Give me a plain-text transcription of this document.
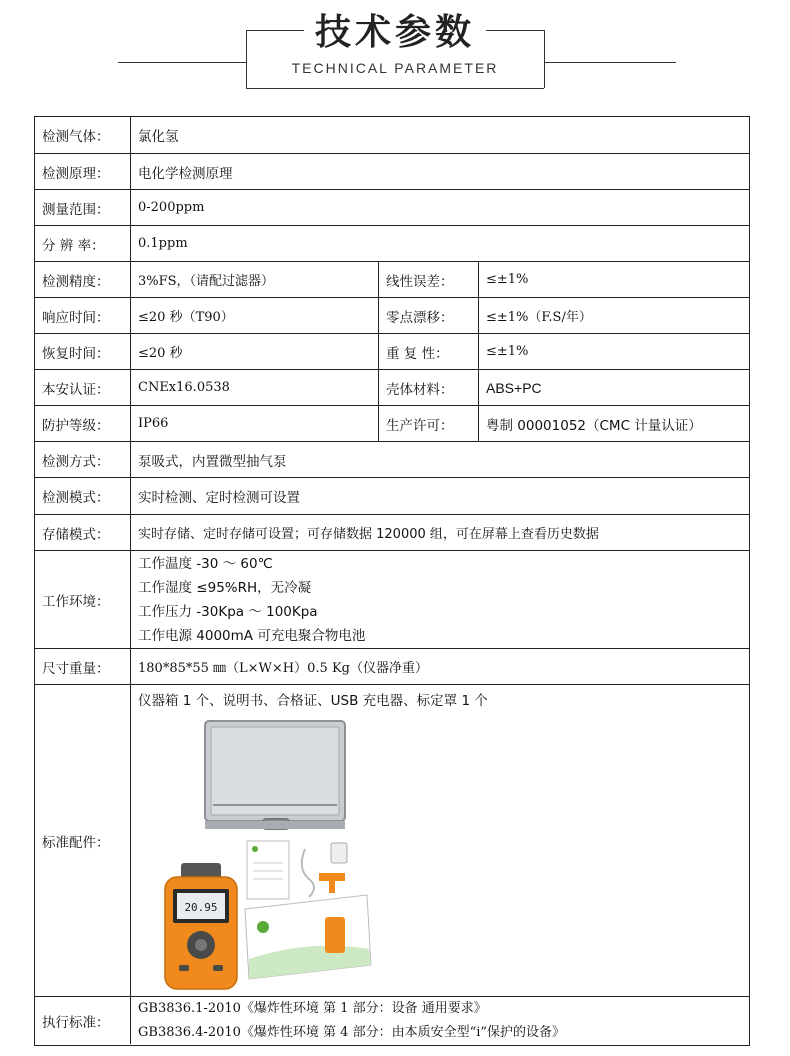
技术参数
TECHNICAL PARAMETER
检测气体：	氯化氢
检测原理：	电化学检测原理
测量范围：	0-200ppm
分 辨 率：	0.1ppm
检测精度：	3%FS，（请配过滤器）	线性误差：	≤±1%
响应时间：	≤20 秒（T90）	零点漂移：	≤±1%（F.S/年）
恢复时间：	≤20 秒	重 复 性：	≤±1%
本安认证：	CNEx16.0538	壳体材料：	ABS+PC
防护等级：	IP66	生产许可：	粤制 00001052（CMC 计量认证）
检测方式：	泵吸式，内置微型抽气泵
检测模式：	实时检测、定时检测可设置
存储模式：	实时存储、定时存储可设置；可存储数据 120000 组，可在屏幕上查看历史数据
工作环境：
工作温度 -30 ～ 60℃
工作湿度 ≤95%RH，无冷凝
工作压力 -30Kpa ～ 100Kpa
工作电源 4000mA 可充电聚合物电池
尺寸重量：	180*85*55 ㎜（L×W×H）0.5 Kg（仪器净重）
标准配件：
仪器箱 1 个、说明书、合格证、USB 充电器、标定罩 1 个
20.95
执行标准：
GB3836.1-2010《爆炸性环境 第 1 部分：设备 通用要求》
GB3836.4-2010《爆炸性环境 第 4 部分：由本质安全型“i”保护的设备》
